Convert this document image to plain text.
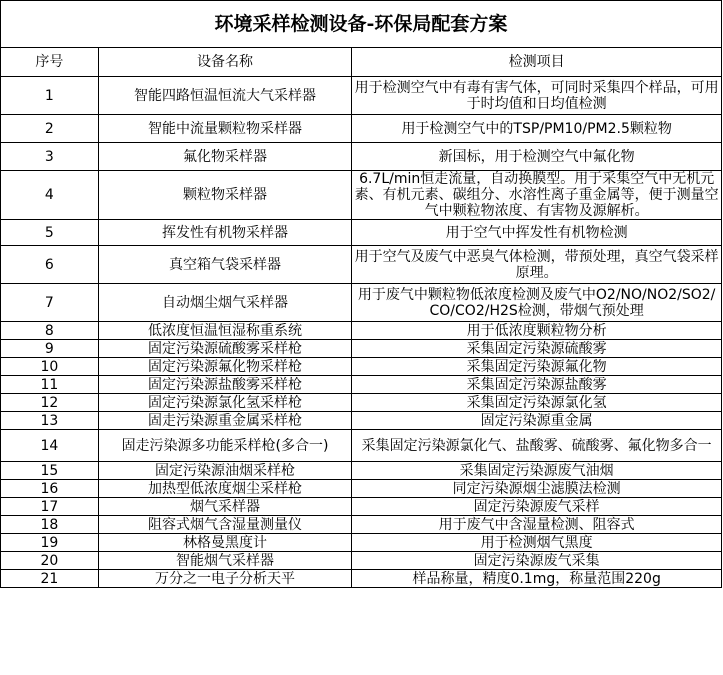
环境采样检测设备-环保局配套方案		
序号	设备名称	检测项目
1	智能四路恒温恒流大气采样器	用于检测空气中有毒有害气体，可同时采集四个样品，可用于时均值和日均值检测
2	智能中流量颗粒物采样器	用于检测空气中的TSP/PM10/PM2.5颗粒物
3	氟化物采样器	新国标，用于检测空气中氟化物
4	颗粒物采样器	6.7L/min恒走流量，自动换膜型。用于采集空气中无机元素、有机元素、碳组分、水溶性离子重金属等，便于测量空气中颗粒物浓度、有害物及源解析。
5	挥发性有机物采样器	用于空气中挥发性有机物检测
6	真空箱气袋采样器	用于空气及废气中恶臭气体检测，带预处理，真空气袋采样原理。
7	自动烟尘烟气采样器	用于废气中颗粒物低浓度检测及废气中O2/NO/NO2/SO2/CO/CO2/H2S检测，带烟气预处理
8	低浓度恒温恒湿称重系统	用于低浓度颗粒物分析
9	固定污染源硫酸雾采样枪	采集固定污染源硫酸雾
10	固定污染源氟化物采样枪	采集固定污染源氟化物
11	固定污染源盐酸雾采样枪	采集固定污染源盐酸雾
12	固定污染源氯化氢采样枪	采集固定污染源氯化氢
13	固走污染源重金属采样枪	固定污染源重金属
14	固走污染源多功能采样枪(多合一)	采集固定污染源氯化气、盐酸雾、硫酸雾、氟化物多合一
15	固定污染源油烟采样枪	采集固定污染源废气油烟
16	加热型低浓度烟尘采样枪	同定污染源烟尘滤膜法检测
17	烟气采样器	固定污染源废气采样
18	阻容式烟气含湿量测量仪	用于废气中含湿量检测、阻容式
19	林格曼黑度计	用于检测烟气黑度
20	智能烟气采样器	固定污染源废气采集
21	万分之一电子分析天平	样品称量，精度0.1mg，称量范围220g
